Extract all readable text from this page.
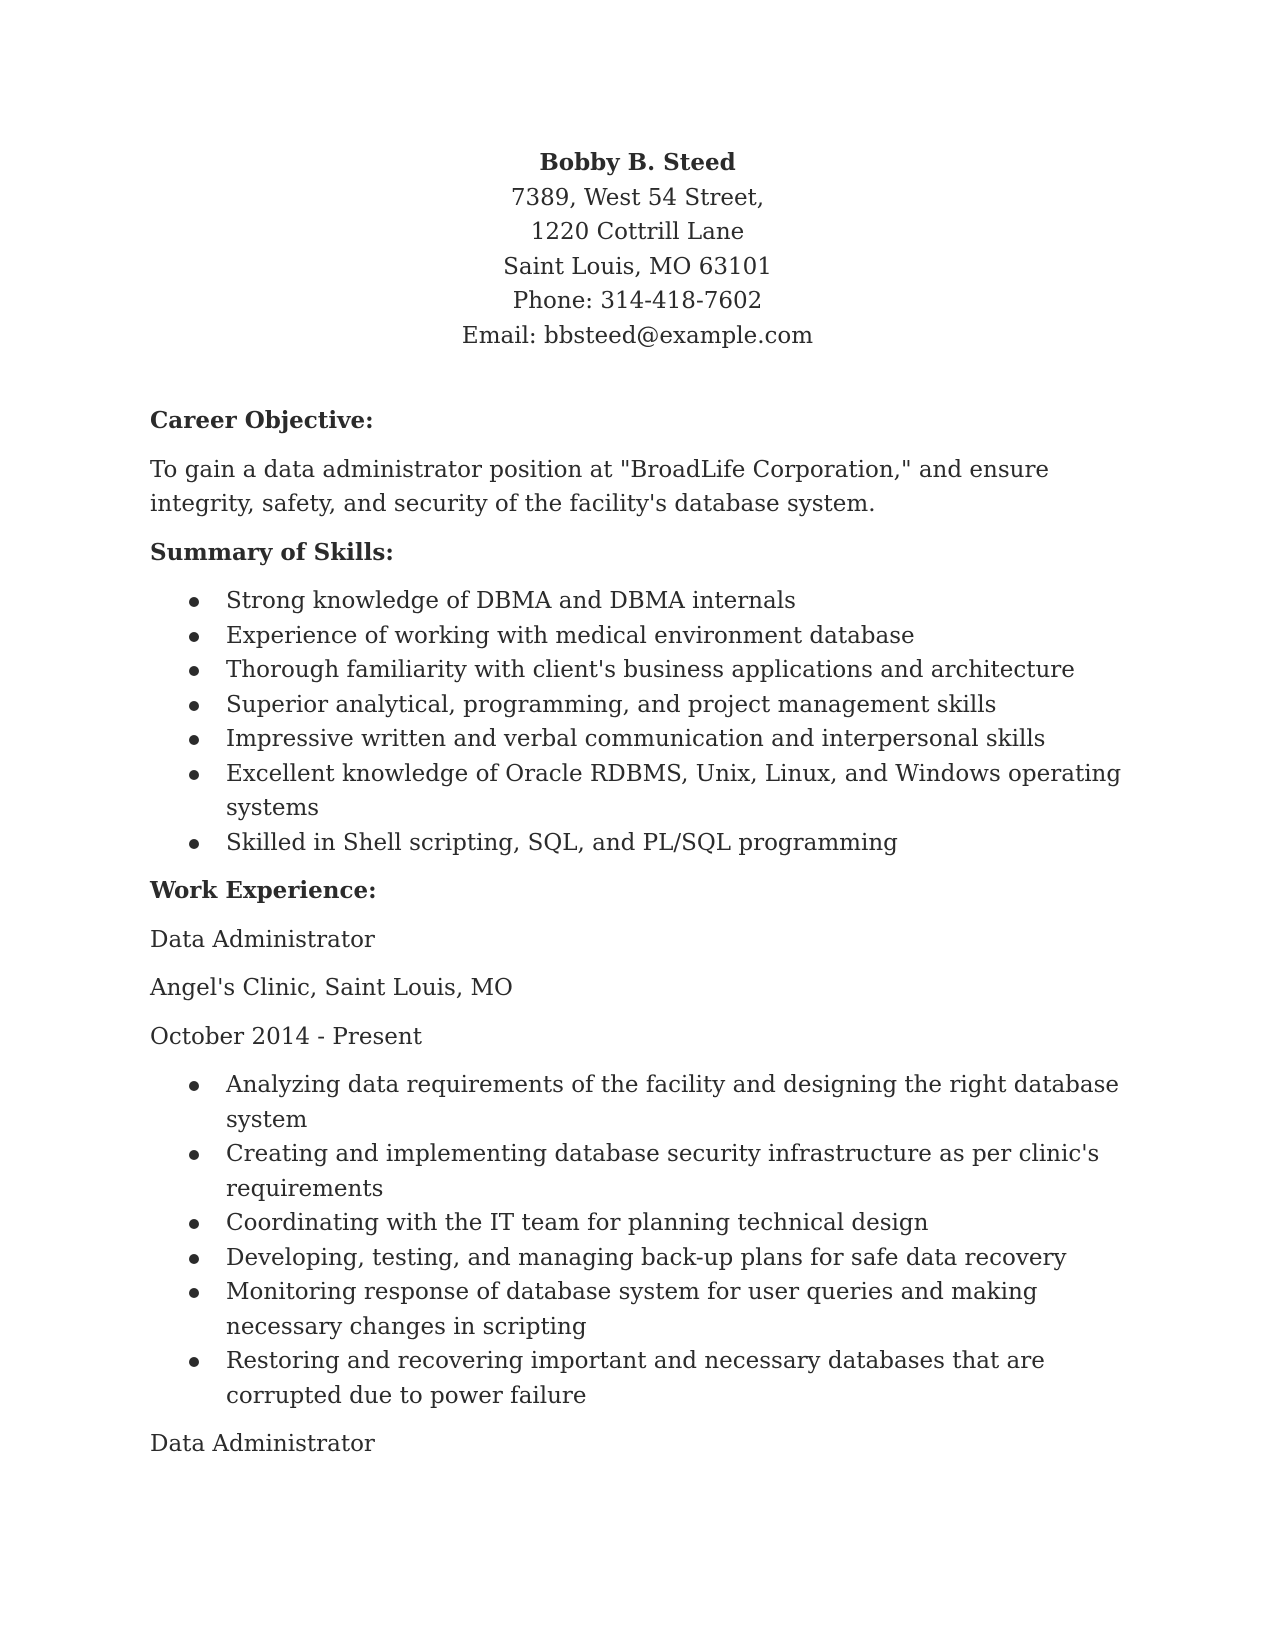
Bobby B. Steed
7389, West 54 Street,
1220 Cottrill Lane
Saint Louis, MO 63101
Phone: 314-418-7602
Email: bbsteed@example.com
Career Objective:
To gain a data administrator position at "BroadLife Corporation," and ensure integrity, safety, and security of the facility's database system.
Summary of Skills:
Strong knowledge of DBMA and DBMA internals
Experience of working with medical environment database
Thorough familiarity with client's business applications and architecture
Superior analytical, programming, and project management skills
Impressive written and verbal communication and interpersonal skills
Excellent knowledge of Oracle RDBMS, Unix, Linux, and Windows operating systems
Skilled in Shell scripting, SQL, and PL/SQL programming
Work Experience:
Data Administrator
Angel's Clinic, Saint Louis, MO
October 2014 - Present
Analyzing data requirements of the facility and designing the right database system
Creating and implementing database security infrastructure as per clinic's requirements
Coordinating with the IT team for planning technical design
Developing, testing, and managing back-up plans for safe data recovery
Monitoring response of database system for user queries and making necessary changes in scripting
Restoring and recovering important and necessary databases that are corrupted due to power failure
Data Administrator
